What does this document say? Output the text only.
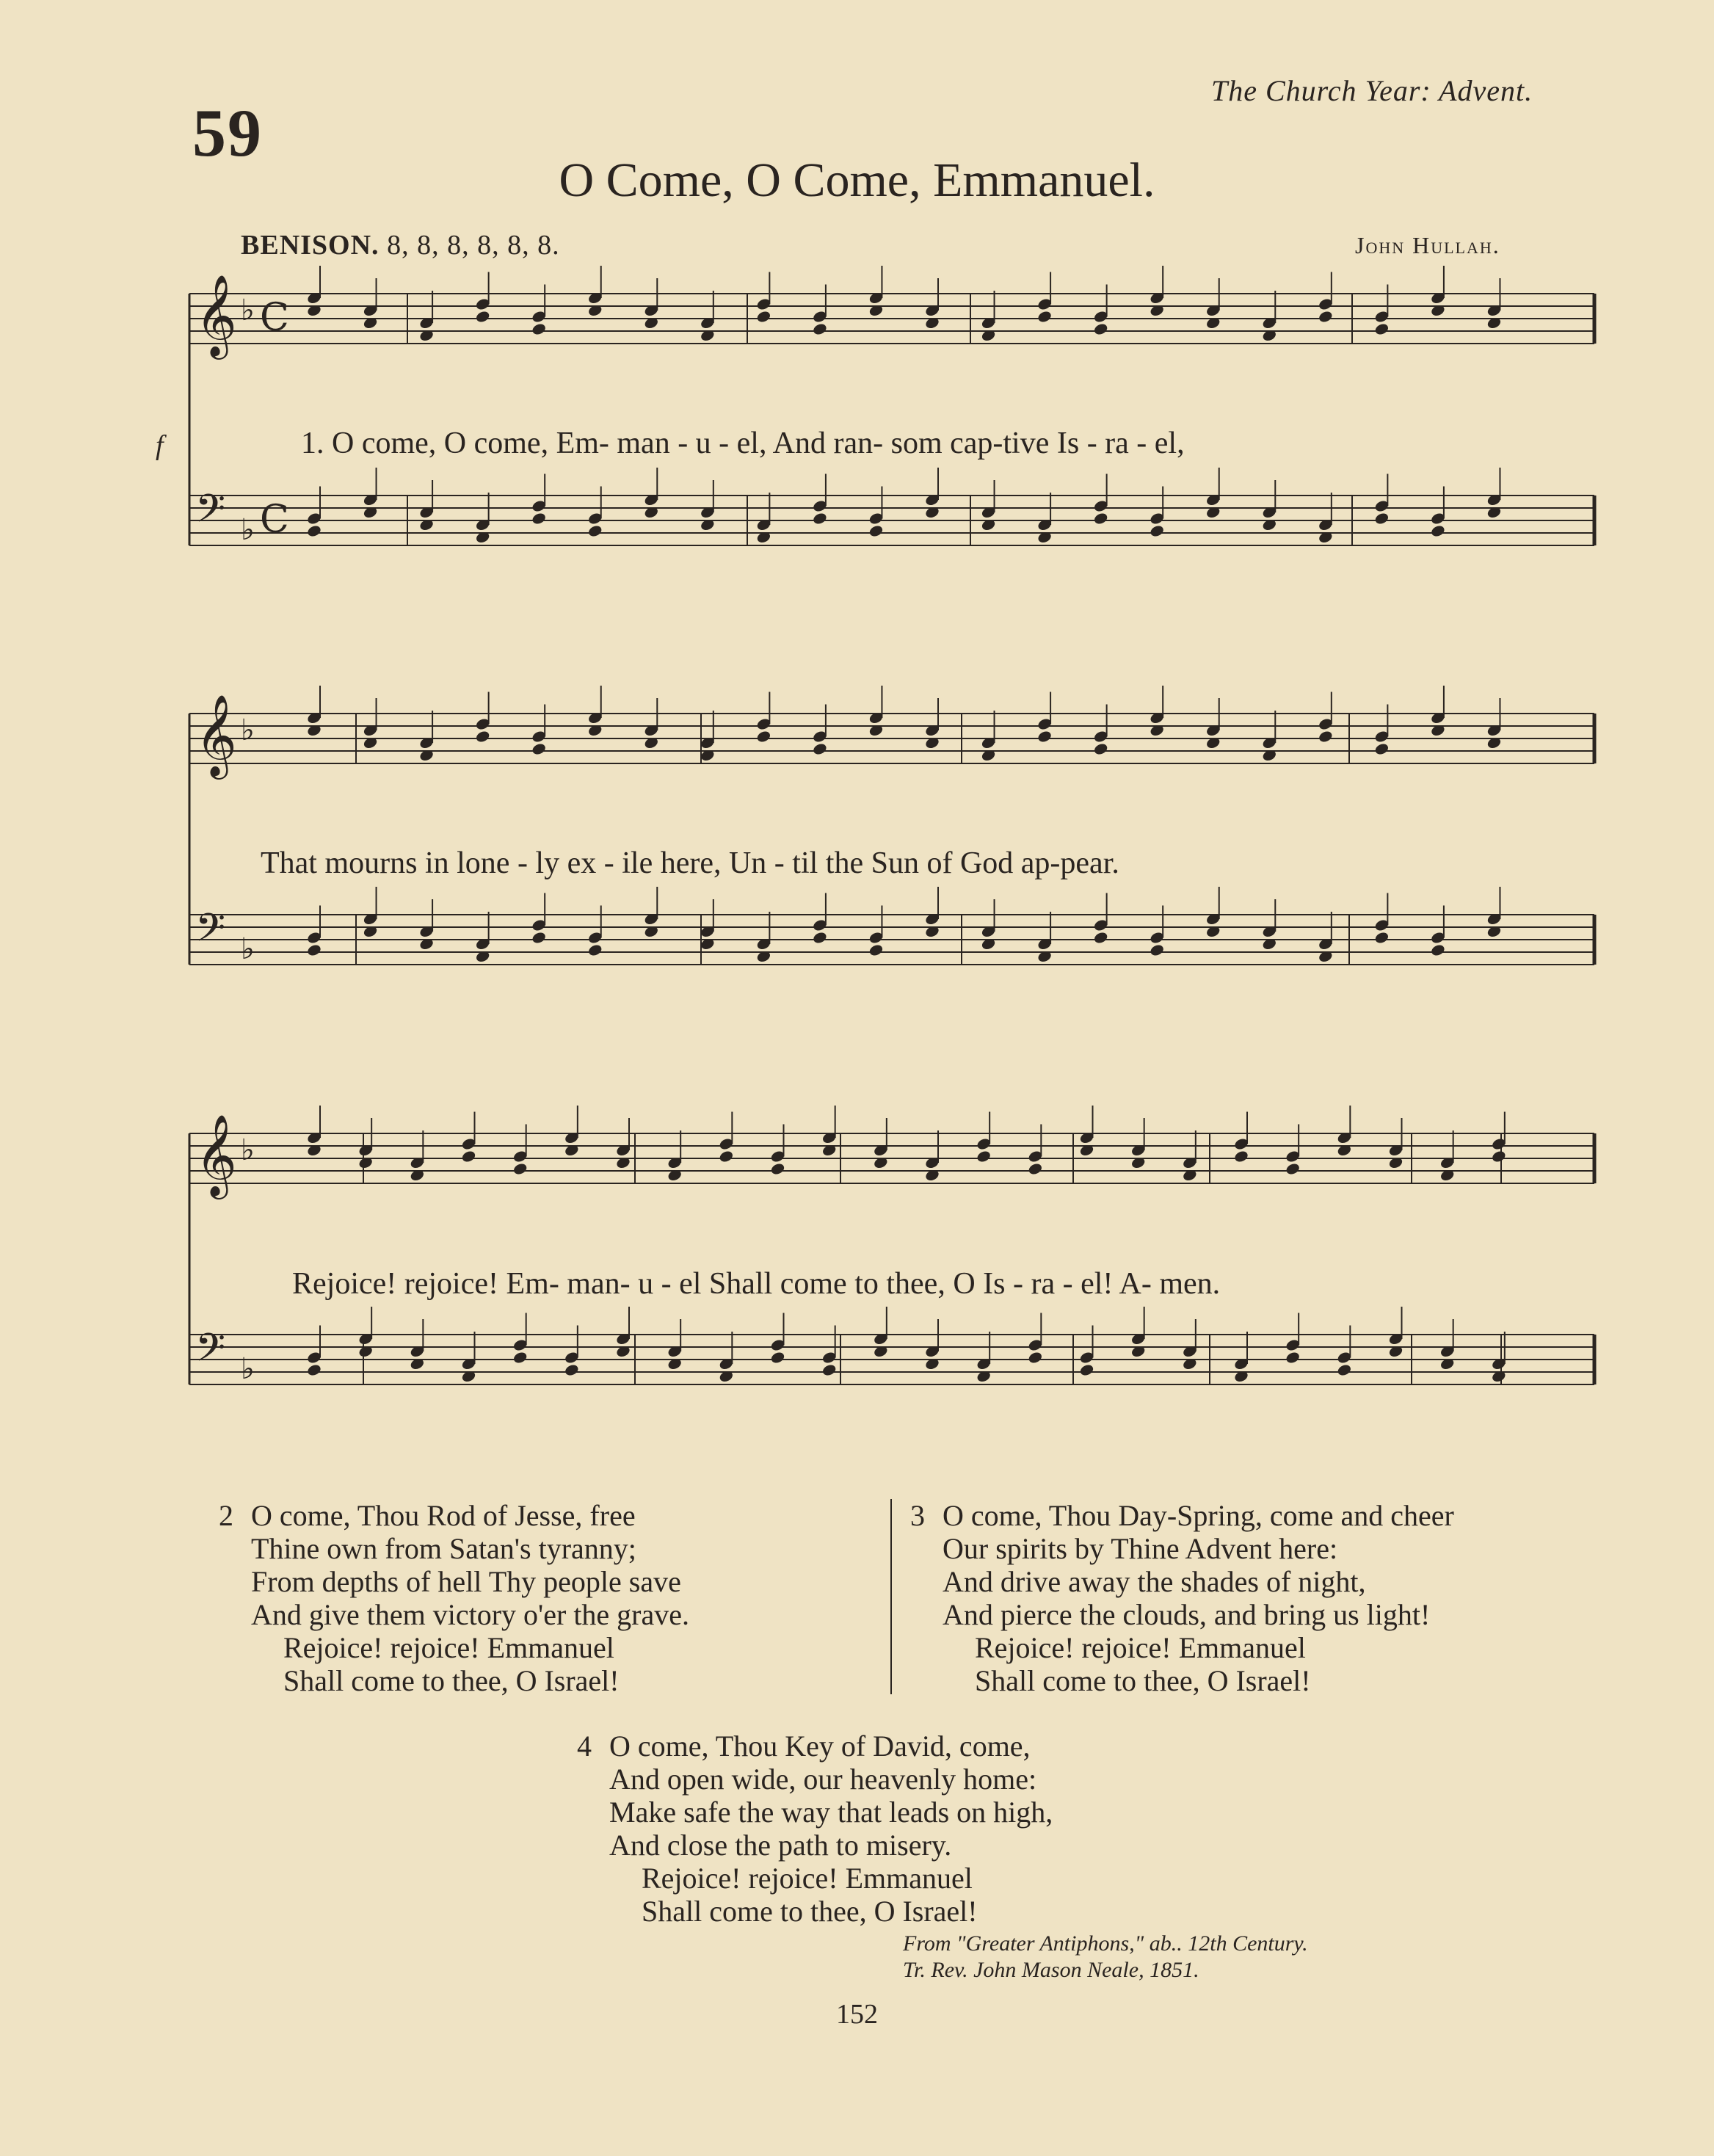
59
The Church Year: Advent.
O Come, O Come, Emmanuel.
BENISON. 8, 8, 8, 8, 8, 8.	John Hullah.
f
𝄞 ♭ C
𝄢 ♭ C
𝄞 ♭
𝄢 ♭
𝄞 ♭
𝄢 ♭
1. O come, O come, Em- man - u - el, And ran- som cap-tive Is - ra - el,
That mourns in lone - ly ex - ile here, Un - til the Sun of God ap-pear.
Rejoice! rejoice! Em- man- u - el Shall come to thee, O Is - ra - el! A- men.
2 O come, Thou Rod of Jesse, free
Thine own from Satan's tyranny;
From depths of hell Thy people save
And give them victory o'er the grave.
Rejoice! rejoice! Emmanuel
Shall come to thee, O Israel!
3 O come, Thou Day-Spring, come and cheer
Our spirits by Thine Advent here:
And drive away the shades of night,
And pierce the clouds, and bring us light!
Rejoice! rejoice! Emmanuel
Shall come to thee, O Israel!
4 O come, Thou Key of David, come,
And open wide, our heavenly home:
Make safe the way that leads on high,
And close the path to misery.
Rejoice! rejoice! Emmanuel
Shall come to thee, O Israel!
From "Greater Antiphons," ab.. 12th Century.
Tr. Rev. John Mason Neale, 1851.
152
